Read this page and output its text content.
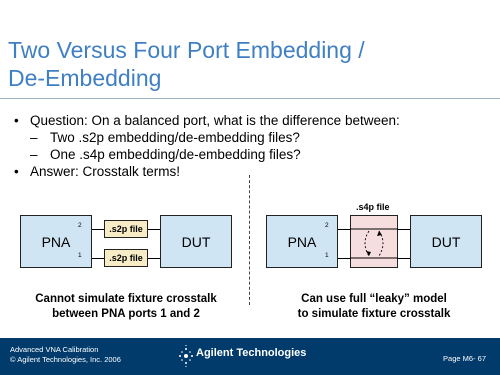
Two Versus Four Port Embedding /
De-Embedding
• Question: On a balanced port, what is the difference between:
– Two .s2p embedding/de-embedding files?
– One .s4p embedding/de-embedding files?
• Answer: Crosstalk terms!
PNA
2
1
.s2p file
.s2p file
DUT
Cannot simulate fixture crosstalk
between PNA ports 1 and 2
.s4p file
PNA
2
1
DUT
Can use full “leaky” model
to simulate fixture crosstalk
Advanced VNA Calibration
© Agilent Technologies, Inc. 2006
Agilent Technologies	Page M6- 67
